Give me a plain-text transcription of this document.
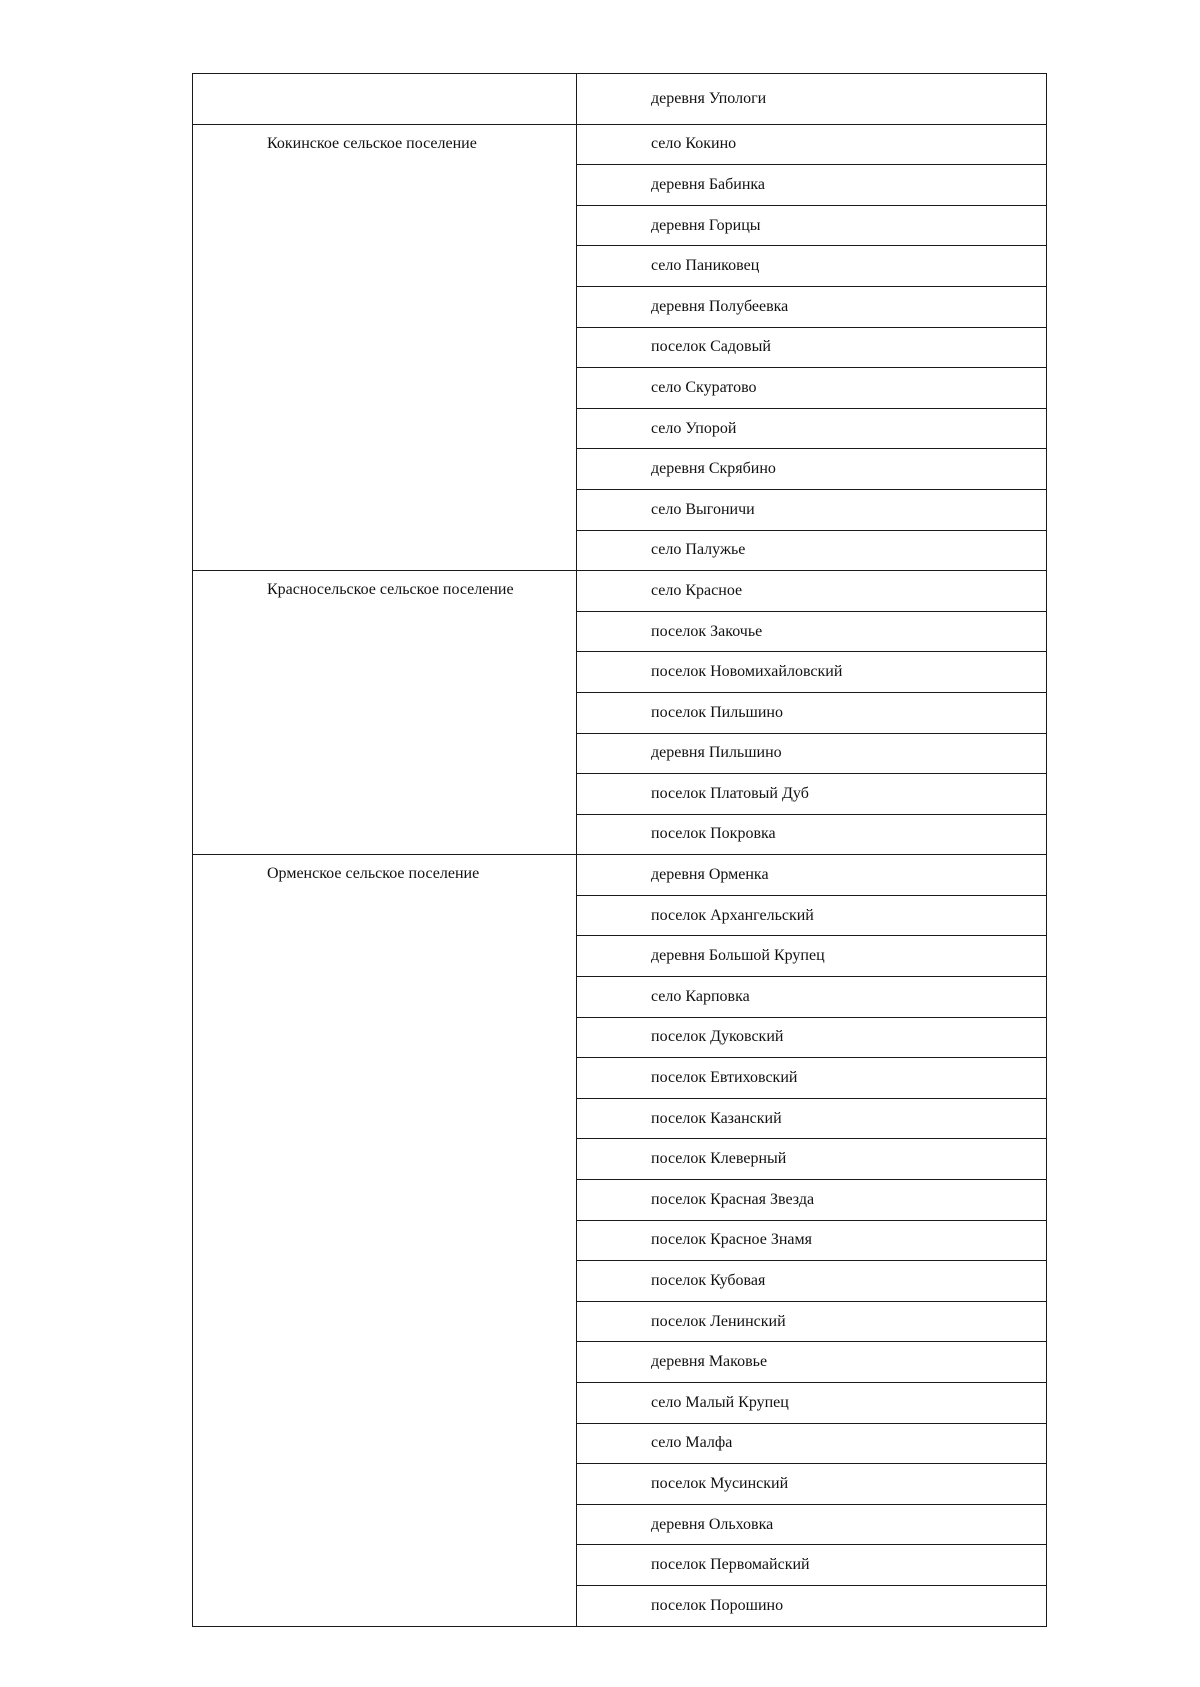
	деревня Упологи
Кокинское сельское поселение	село Кокино
	деревня Бабинка
	деревня Горицы
	село Паниковец
	деревня Полубеевка
	поселок Садовый
	село Скуратово
	село Упорой
	деревня Скрябино
	село Выгоничи
	село Палужье
Красносельское сельское поселение	село Красное
	поселок Закочье
	поселок Новомихайловский
	поселок Пильшино
	деревня Пильшино
	поселок Платовый Дуб
	поселок Покровка
Орменское сельское поселение	деревня Орменка
	поселок Архангельский
	деревня Большой Крупец
	село Карповка
	поселок Дуковский
	поселок Евтиховский
	поселок Казанский
	поселок Клеверный
	поселок Красная Звезда
	поселок Красное Знамя
	поселок Кубовая
	поселок Ленинский
	деревня Маковье
	село Малый Крупец
	село Малфа
	поселок Мусинский
	деревня Ольховка
	поселок Первомайский
	поселок Порошино
